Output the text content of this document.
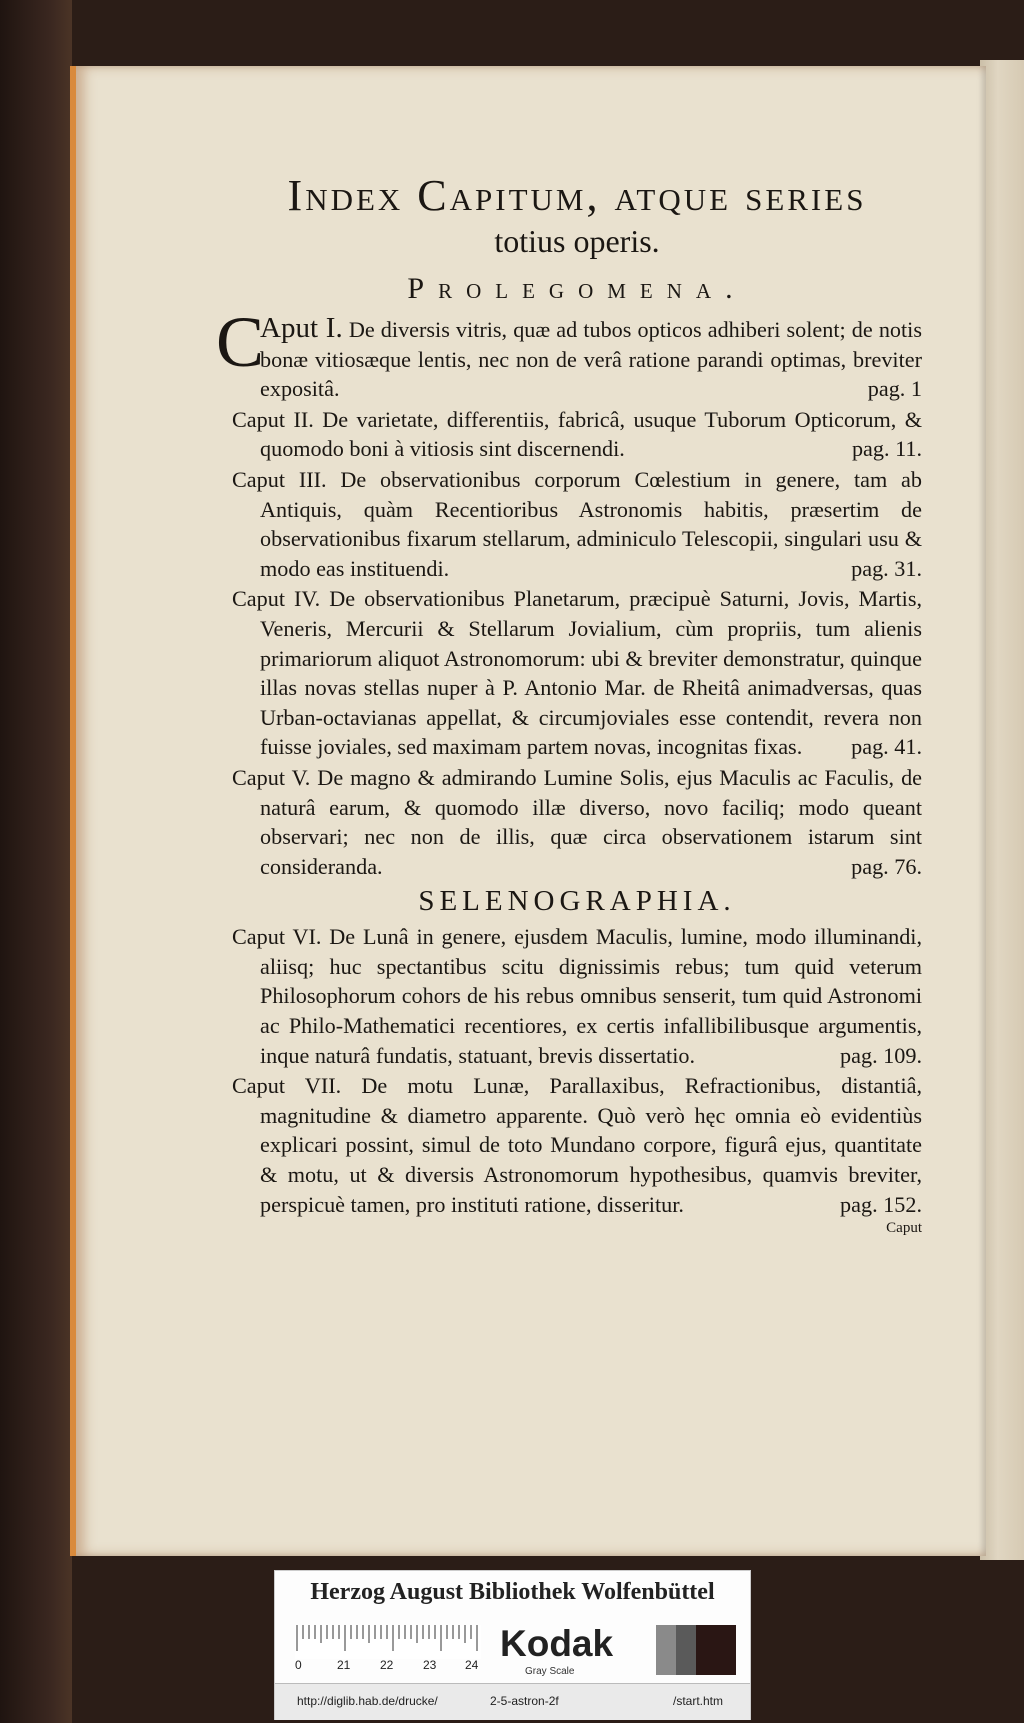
Index Capitum, atque series
totius operis.
Prolegomena.
C
Aput I. De diversis vitris, quæ ad tubos opticos adhiberi solent; de notis bonæ vitiosæque lentis, nec non de verâ ratione parandi optimas, breviter expositâ.	pag. 1
Caput II. De varietate, differentiis, fabricâ, usuque Tuborum Opticorum, & quomodo boni à vitiosis sint discernendi.	pag. 11.
Caput III. De observationibus corporum Cœlestium in genere, tam ab Antiquis, quàm Recentioribus Astronomis habitis, præsertim de observationibus fixarum stellarum, adminiculo Telescopii, singulari usu & modo eas instituendi.	pag. 31.
Caput IV. De observationibus Planetarum, præcipuè Saturni, Jovis, Martis, Veneris, Mercurii & Stellarum Jovialium, cùm propriis, tum alienis primariorum aliquot Astronomorum: ubi & breviter demonstratur, quinque illas novas stellas nuper à P. Antonio Mar. de Rheitâ animadversas, quas Urban-octavianas appellat, & circumjoviales esse contendit, revera non fuisse joviales, sed maximam partem novas, incognitas fixas. pag. 41.
Caput V. De magno & admirando Lumine Solis, ejus Maculis ac Faculis, de naturâ earum, & quomodo illæ diverso, novo faciliq; modo queant observari; nec non de illis, quæ circa observationem istarum sint consideranda.	pag. 76.
SELENOGRAPHIA.
Caput VI. De Lunâ in genere, ejusdem Maculis, lumine, modo illuminandi, aliisq; huc spectantibus scitu dignissimis rebus; tum quid veterum Philosophorum cohors de his rebus omnibus senserit, tum quid Astronomi ac Philo-Mathematici recentiores, ex certis infallibilibusque argumentis, inque naturâ fundatis, statuant, brevis dissertatio.	pag. 109.
Caput VII. De motu Lunæ, Parallaxibus, Refractionibus, distantiâ, magnitudine & diametro apparente. Quò verò hęc omnia eò evidentiùs explicari possint, simul de toto Mundano corpore, figurâ ejus, quantitate & motu, ut & diversis Astronomorum hypothesibus, quamvis breviter, perspicuè tamen, pro instituti ratione, disseritur.	pag. 152.
Caput
Herzog August Bibliothek Wolfenbüttel
0	21 22 23 24
Kodak
Gray Scale
http://diglib.hab.de/drucke/	2-5-astron-2f	/start.htm
